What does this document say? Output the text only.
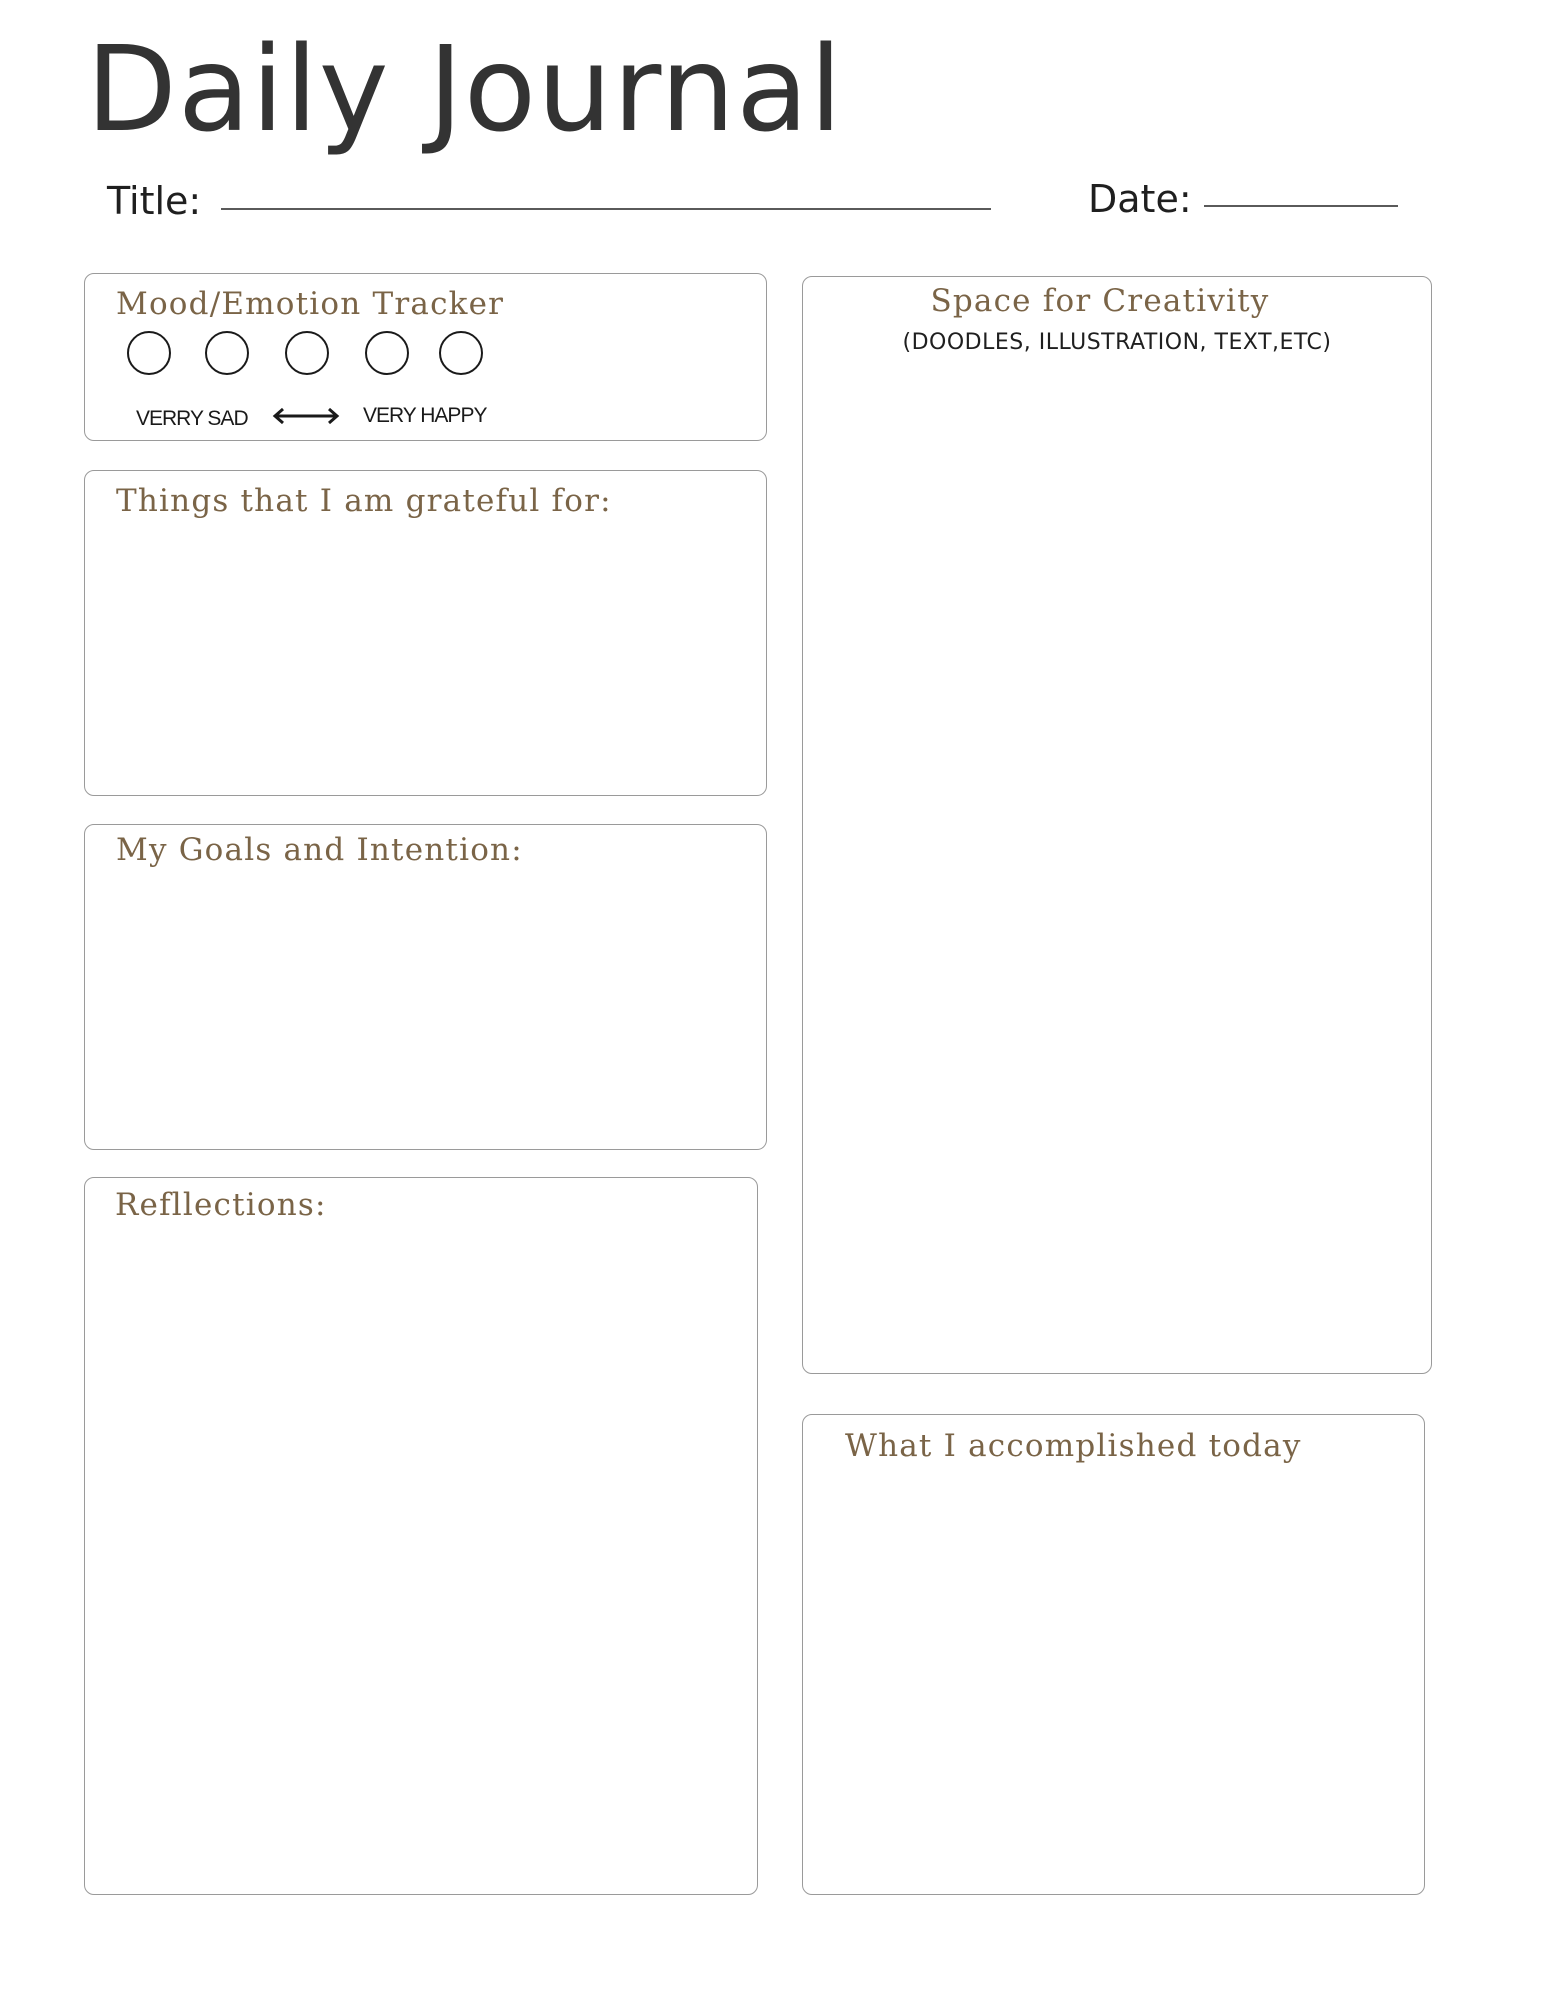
Daily Journal
Title:	Date:
Mood/Emotion Tracker
VERRY SAD	VERY HAPPY
Things that I am grateful for:
My Goals and Intention:
Refllections:
Space for Creativity
(DOODLES, ILLUSTRATION, TEXT,ETC)
What I accomplished today
